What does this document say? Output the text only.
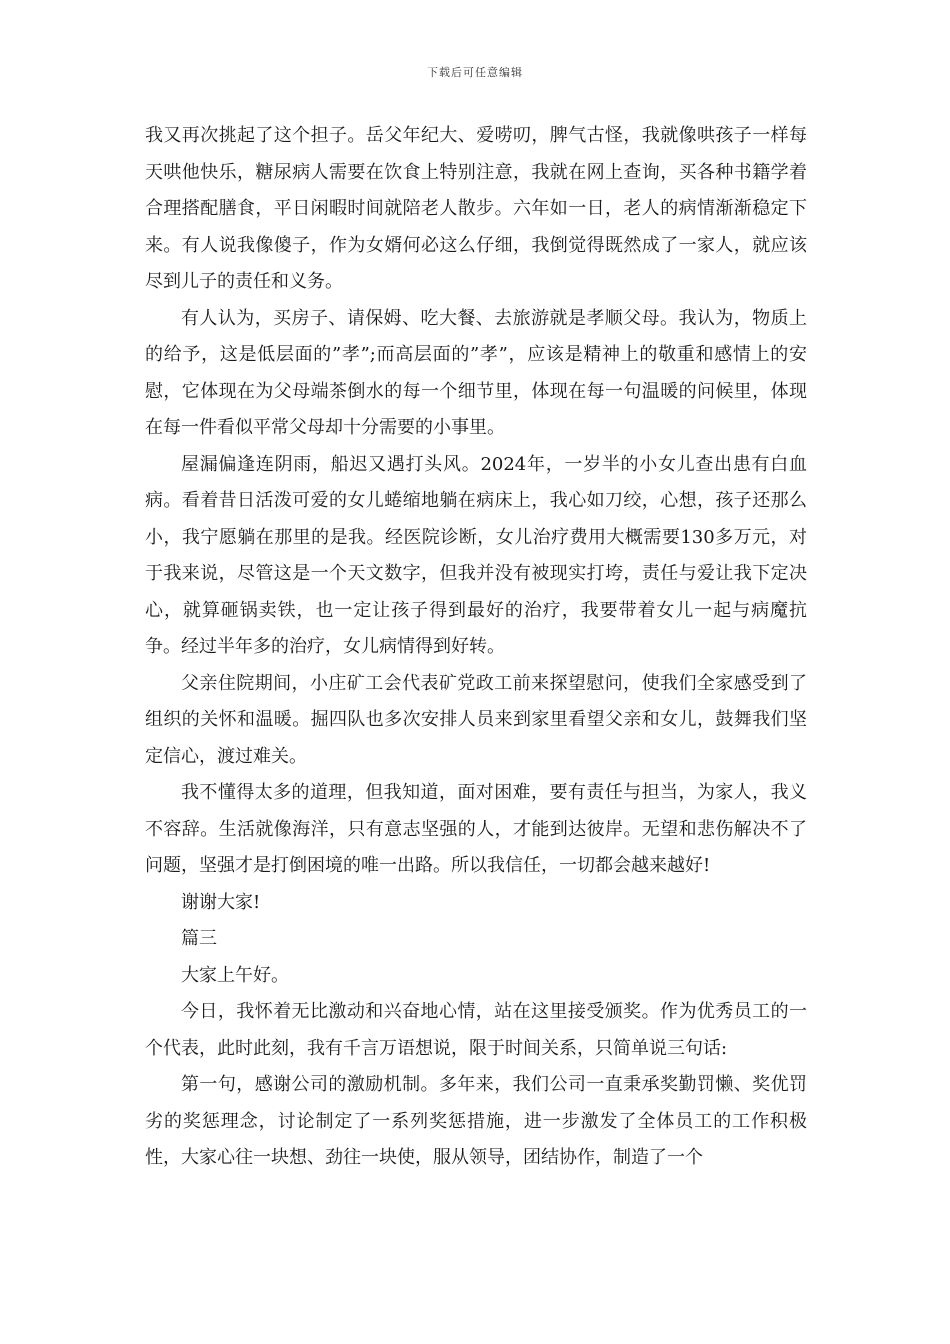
下载后可任意编辑

我又再次挑起了这个担子。岳父年纪大、爱唠叨，脾气古怪，我就像哄孩子一样每天哄他快乐，糖尿病人需要在饮食上特别注意，我就在网上查询，买各种书籍学着合理搭配膳食，平日闲暇时间就陪老人散步。六年如一日，老人的病情渐渐稳定下来。有人说我像傻子，作为女婿何必这么仔细，我倒觉得既然成了一家人，就应该尽到儿子的责任和义务。

有人认为，买房子、请保姆、吃大餐、去旅游就是孝顺父母。我认为，物质上的给予，这是低层面的”孝”;而高层面的”孝”，应该是精神上的敬重和感情上的安慰，它体现在为父母端茶倒水的每一个细节里，体现在每一句温暖的问候里，体现在每一件看似平常父母却十分需要的小事里。

屋漏偏逢连阴雨，船迟又遇打头风。2024年，一岁半的小女儿查出患有白血病。看着昔日活泼可爱的女儿蜷缩地躺在病床上，我心如刀绞，心想，孩子还那么小，我宁愿躺在那里的是我。经医院诊断，女儿治疗费用大概需要130多万元，对于我来说，尽管这是一个天文数字，但我并没有被现实打垮，责任与爱让我下定决心，就算砸锅卖铁，也一定让孩子得到最好的治疗，我要带着女儿一起与病魔抗争。经过半年多的治疗，女儿病情得到好转。

父亲住院期间，小庄矿工会代表矿党政工前来探望慰问，使我们全家感受到了组织的关怀和温暖。掘四队也多次安排人员来到家里看望父亲和女儿，鼓舞我们坚定信心，渡过难关。

我不懂得太多的道理，但我知道，面对困难，要有责任与担当，为家人，我义不容辞。生活就像海洋，只有意志坚强的人，才能到达彼岸。无望和悲伤解决不了问题，坚强才是打倒困境的唯一出路。所以我信任，一切都会越来越好!

谢谢大家!

篇三

大家上午好。

今日，我怀着无比激动和兴奋地心情，站在这里接受颁奖。作为优秀员工的一个代表，此时此刻，我有千言万语想说，限于时间关系，只简单说三句话:

第一句，感谢公司的激励机制。多年来，我们公司一直秉承奖勤罚懒、奖优罚劣的奖惩理念，讨论制定了一系列奖惩措施，进一步激发了全体员工的工作积极性，大家心往一块想、劲往一块使，服从领导，团结协作，制造了一个
